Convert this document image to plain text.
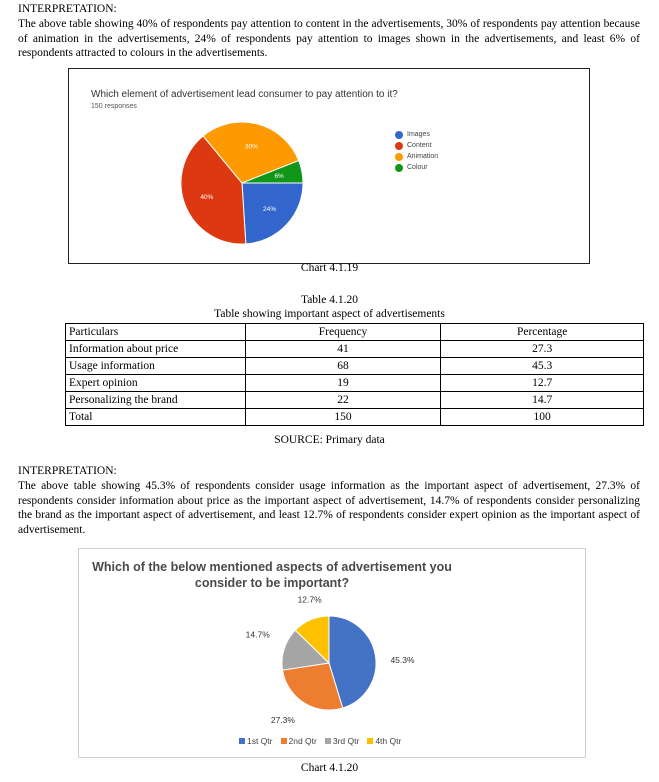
INTERPRETATION:
The above table showing 40% of respondents pay attention to content in the advertisements, 30% of respondents pay attention because of animation in the advertisements, 24% of respondents pay attention to images shown in the advertisements, and least 6% of respondents attracted to colours in the advertisements.
Which element of advertisement lead consumer to pay attention to it?
150 responses
24%
40%
30%
6%
Images
Content
Animation
Colour
Chart 4.1.19
Table 4.1.20
Table showing important aspect of advertisements
Particulars	Frequency	Percentage
Information about price	41	27.3
Usage information	68	45.3
Expert opinion	19	12.7
Personalizing the brand	22	14.7
Total	150	100
SOURCE: Primary data
INTERPRETATION:
The above table showing 45.3% of respondents consider usage information as the important aspect of advertisement, 27.3% of respondents consider information about price as the important aspect of advertisement, 14.7% of respondents consider personalizing the brand as the important aspect of advertisement, and least 12.7% of respondents consider expert opinion as the important aspect of advertisement.
Which of the below mentioned aspects of advertisement you consider to be important?
45.3%
27.3%
14.7%
12.7%
1st Qtr 2nd Qtr 3rd Qtr 4th Qtr
Chart 4.1.20
